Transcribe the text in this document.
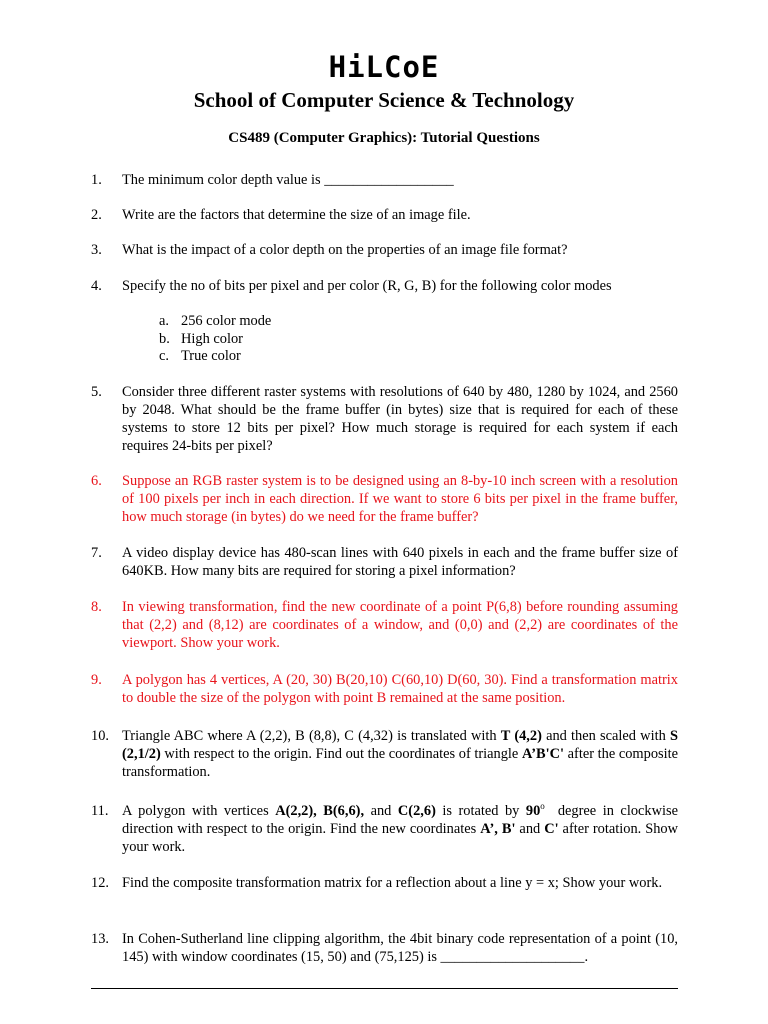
HiLCoE
School of Computer Science & Technology
CS489 (Computer Graphics): Tutorial Questions
1. The minimum color depth value is __________________
2. Write are the factors that determine the size of an image file.
3. What is the impact of a color depth on the properties of an image file format?
4. Specify the no of bits per pixel and per color (R, G, B) for the following color modes
a. 256 color mode
b. High color
c. True color
5. Consider three different raster systems with resolutions of 640 by 480, 1280 by 1024, and 2560 by 2048. What should be the frame buffer (in bytes) size that is required for each of these systems to store 12 bits per pixel? How much storage is required for each system if each requires 24-bits per pixel?
6. Suppose an RGB raster system is to be designed using an 8-by-10 inch screen with a resolution of 100 pixels per inch in each direction. If we want to store 6 bits per pixel in the frame buffer, how much storage (in bytes) do we need for the frame buffer?
7. A video display device has 480-scan lines with 640 pixels in each and the frame buffer size of 640KB. How many bits are required for storing a pixel information?
8. In viewing transformation, find the new coordinate of a point P(6,8) before rounding assuming that (2,2) and (8,12) are coordinates of a window, and (0,0) and (2,2) are coordinates of the viewport. Show your work.
9. A polygon has 4 vertices, A (20, 30) B(20,10) C(60,10) D(60, 30). Find a transformation matrix to double the size of the polygon with point B remained at the same position.
10. Triangle ABC where A (2,2), B (8,8), C (4,32) is translated with T (4,2) and then scaled with S (2,1/2) with respect to the origin. Find out the coordinates of triangle A’B'C' after the composite transformation.
11. A polygon with vertices A(2,2), B(6,6), and C(2,6) is rotated by 90$^o$  degree in clockwise direction with respect to the origin. Find the new coordinates A’, B' and C' after rotation. Show your work.
12. Find the composite transformation matrix for a reflection about a line y = x; Show your work.
13. In Cohen-Sutherland line clipping algorithm, the 4bit binary code representation of a point (10, 145) with window coordinates (15, 50) and (75,125) is ____________________.
